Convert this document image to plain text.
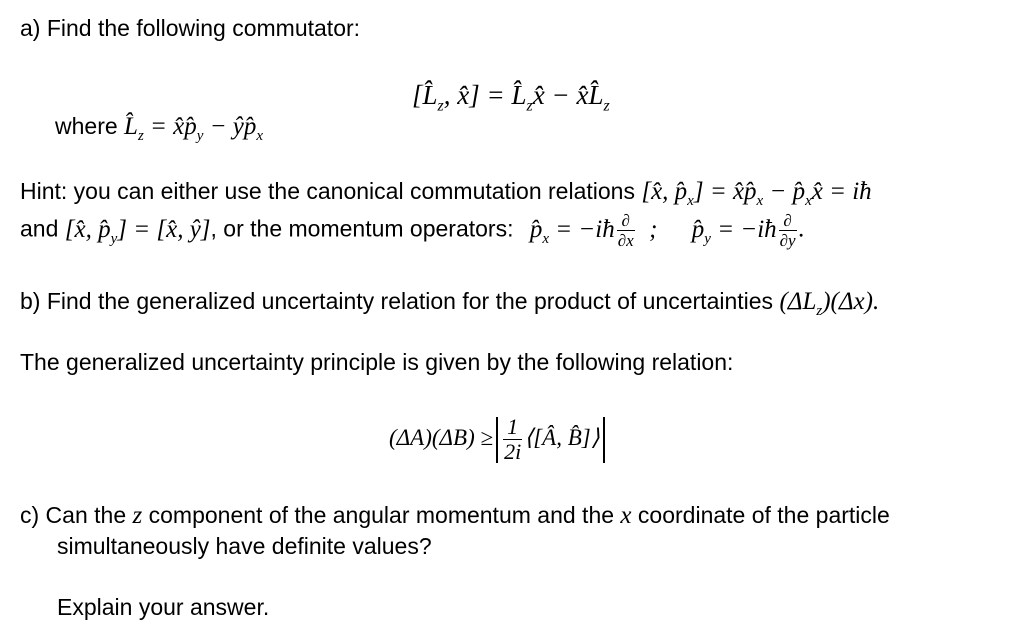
a) Find the following commutator:
[$L̂_z$, x̂] = $L̂_zx̂$ − $x̂L̂_z$
where $L̂_z$ = $x̂p̂_y$ − $ŷp̂_x$
Hint: you can either use the canonical commutation relations [x̂, $p̂_x$] = $x̂p̂_x$ − $p̂_xx̂$ = iħ
and [x̂, $p̂_y$] = [x̂, ŷ], or the momentum operators: $p̂_x$ = −iħ $\frac{\partial}{\partial x}$ ; $p̂_y$ = −iħ $\frac{\partial}{\partial y}$ .
b) Find the generalized uncertainty relation for the product of uncertainties $(\Delta L_z)(\Delta x)$.
The generalized uncertainty principle is given by the following relation:
$(\Delta A)(\Delta B) \ge \frac{1}{2i}$ ⟨[Â, B̂]⟩
c) Can the z component of the angular momentum and the x coordinate of the particle
simultaneously have definite values?
Explain your answer.
